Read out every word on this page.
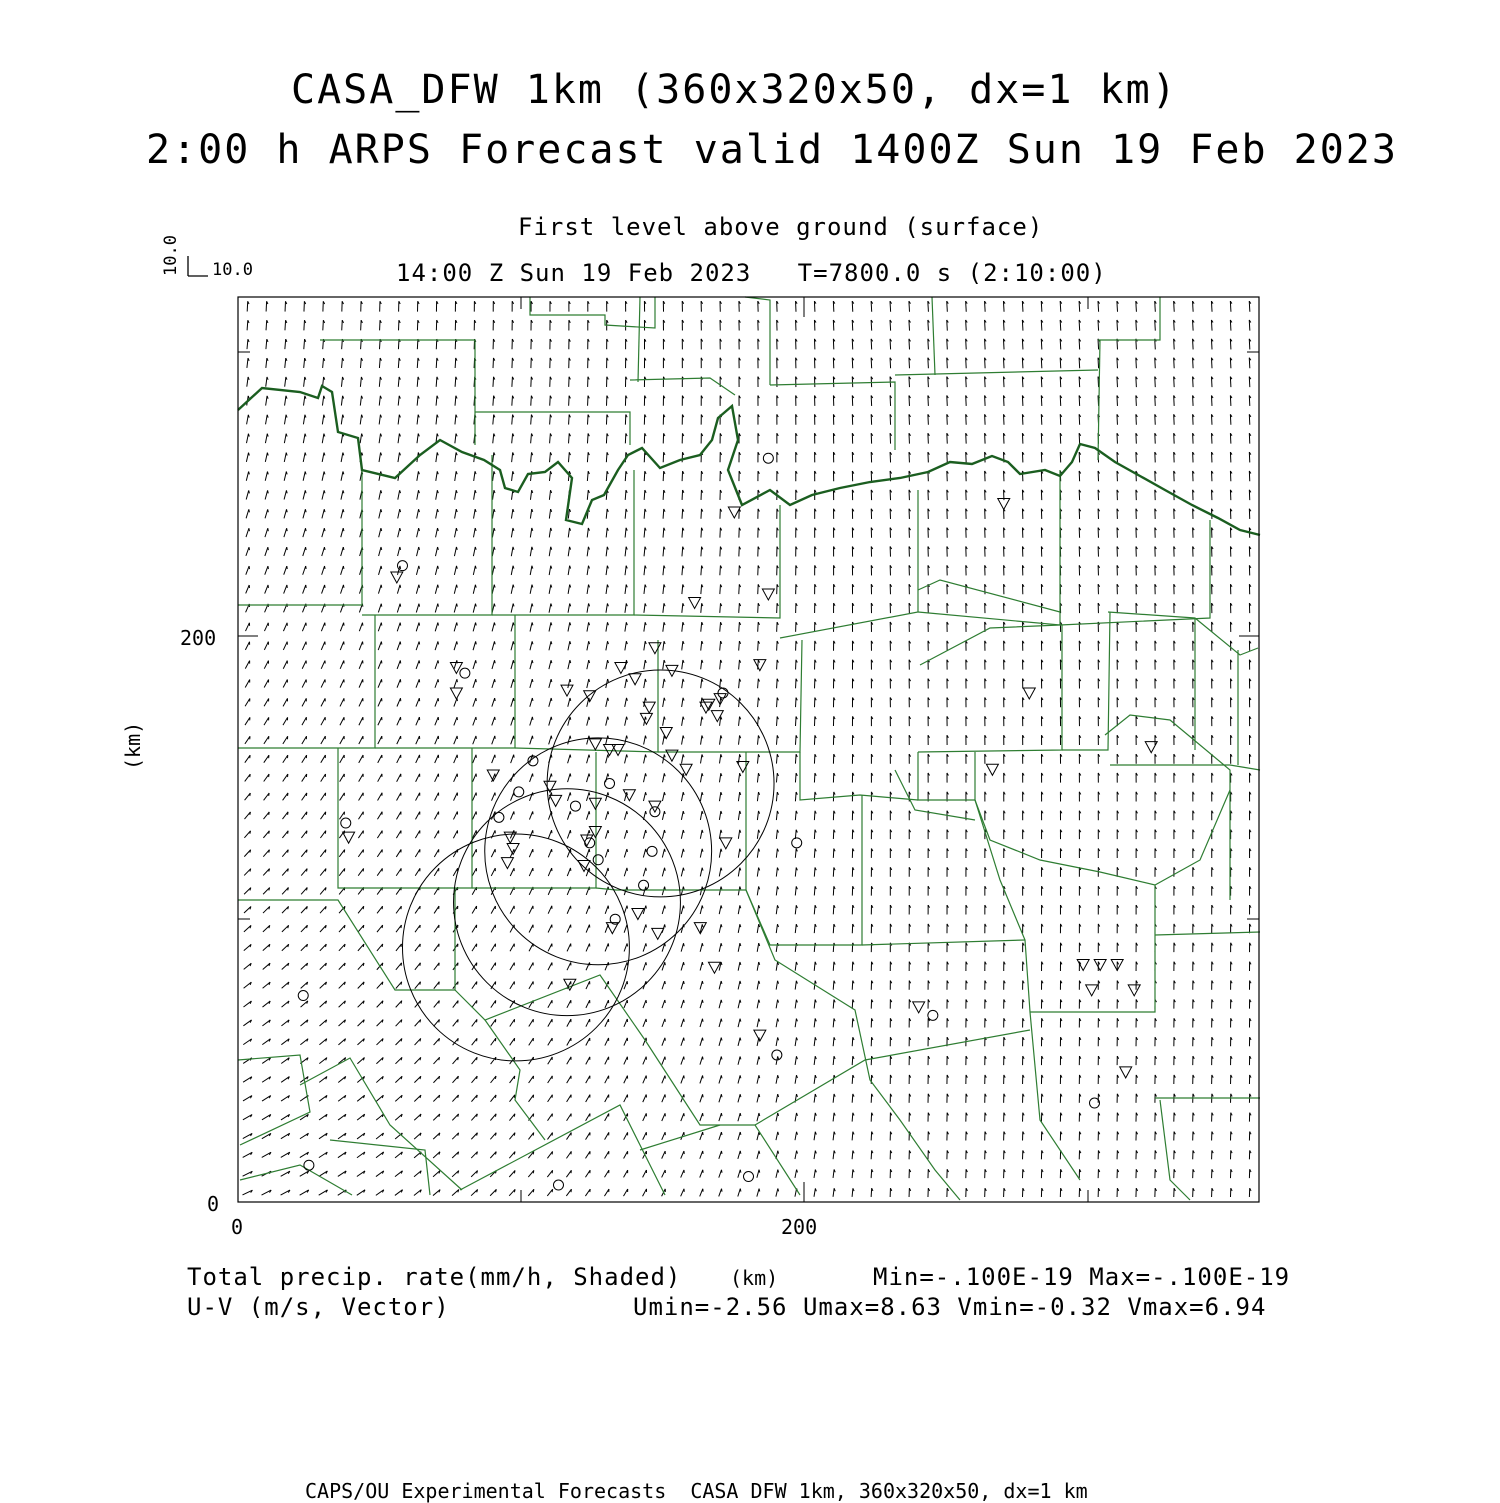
CASA_DFW 1km (360x320x50, dx=1 km)
2:00 h ARPS Forecast valid 1400Z Sun 19 Feb 2023
First level above ground (surface)
14:00 Z Sun 19 Feb 2023   T=7800.0 s (2:10:00)
10.0
10.0
(km)
200
0
0	200
(km)
Total precip. rate(mm/h, Shaded)
U-V (m/s, Vector)
Min=-.100E-19 Max=-.100E-19
Umin=-2.56 Umax=8.63 Vmin=-0.32 Vmax=6.94
CAPS/OU Experimental Forecasts  CASA DFW 1km, 360x320x50, dx=1 km
